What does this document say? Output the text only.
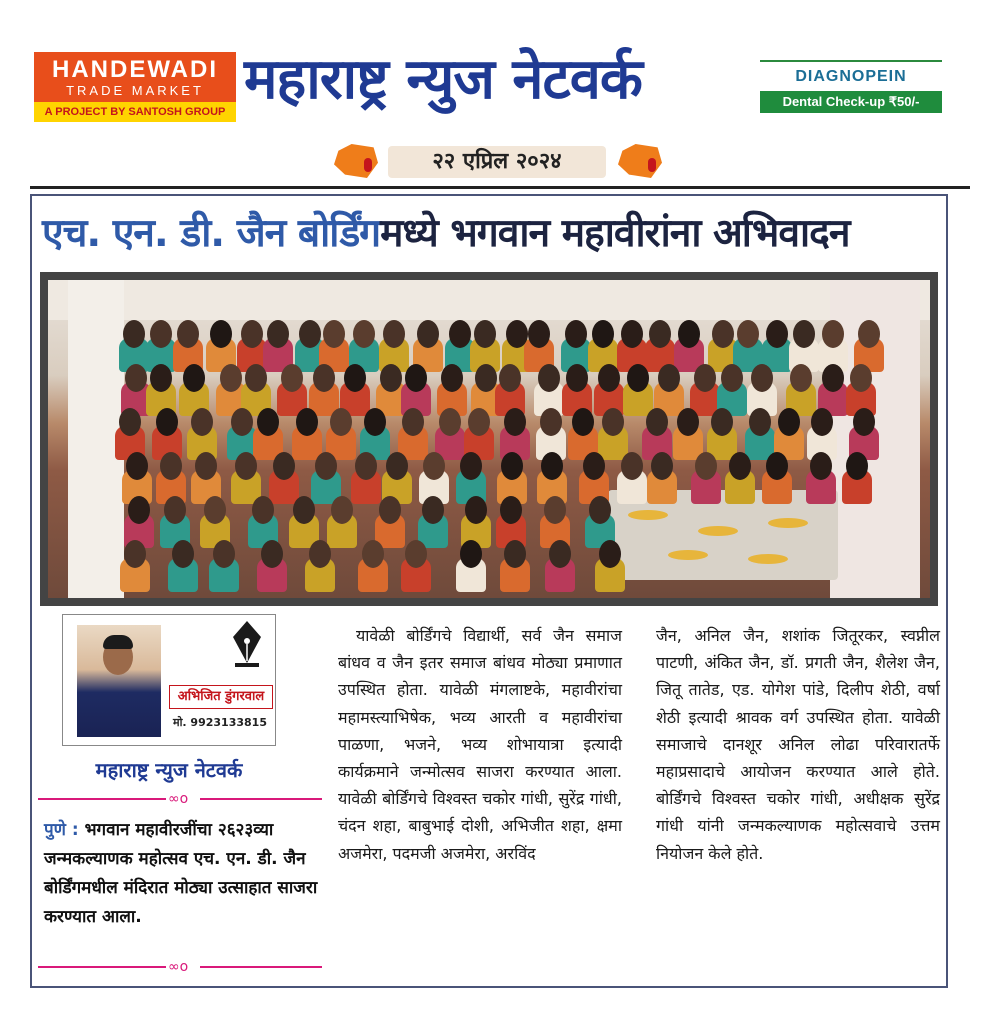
HANDEWADI
TRADE MARKET
A PROJECT BY SANTOSH GROUP महाराष्ट्र न्युज नेटवर्क	DIAGNOPEIN
Dental Check-up ₹50/-
२२ एप्रिल २०२४
एच. एन. डी. जैन बोर्डिंगमध्ये भगवान महावीरांना अभिवादन
अभिजित डुंगरवाल
मो. 9923133815
महाराष्ट्र न्युज नेटवर्क
∞o
पुणे : भगवान महावीरजींचा २६२३व्या जन्मकल्याणक महोत्सव एच. एन. डी. जैन बोर्डिंगमधील मंदिरात मोठ्या उत्साहात साजरा करण्यात आला.
∞o
यावेळी बोर्डिंगचे विद्यार्थी, सर्व जैन समाज बांधव व जैन इतर समाज बांधव मोठ्या प्रमाणात उपस्थित होता. यावेळी मंगलाष्टके, महावीरांचा महामस्त्याभिषेक, भव्य आरती व महावीरांचा पाळणा, भजने, भव्य शोभायात्रा इत्यादी कार्यक्रमाने जन्मोत्सव साजरा करण्यात आला. यावेळी बोर्डिंगचे विश्वस्त चकोर गांधी, सुरेंद्र गांधी, चंदन शहा, बाबुभाई दोशी, अभिजीत शहा, क्षमा अजमेरा, पदमजी अजमेरा, अरविंद
जैन, अनिल जैन, शशांक जितूरकर, स्वप्नील पाटणी, अंकित जैन, डॉ. प्रगती जैन, शैलेश जैन, जितू तातेड, एड. योगेश पांडे, दिलीप शेठी, वर्षा शेठी इत्यादी श्रावक वर्ग उपस्थित होता. यावेळी समाजाचे दानशूर अनिल लोढा परिवारातर्फे महाप्रसादाचे आयोजन करण्यात आले होते. बोर्डिंगचे विश्वस्त चकोर गांधी, अधीक्षक सुरेंद्र गांधी यांनी जन्मकल्याणक महोत्सवाचे उत्तम नियोजन केले होते.
